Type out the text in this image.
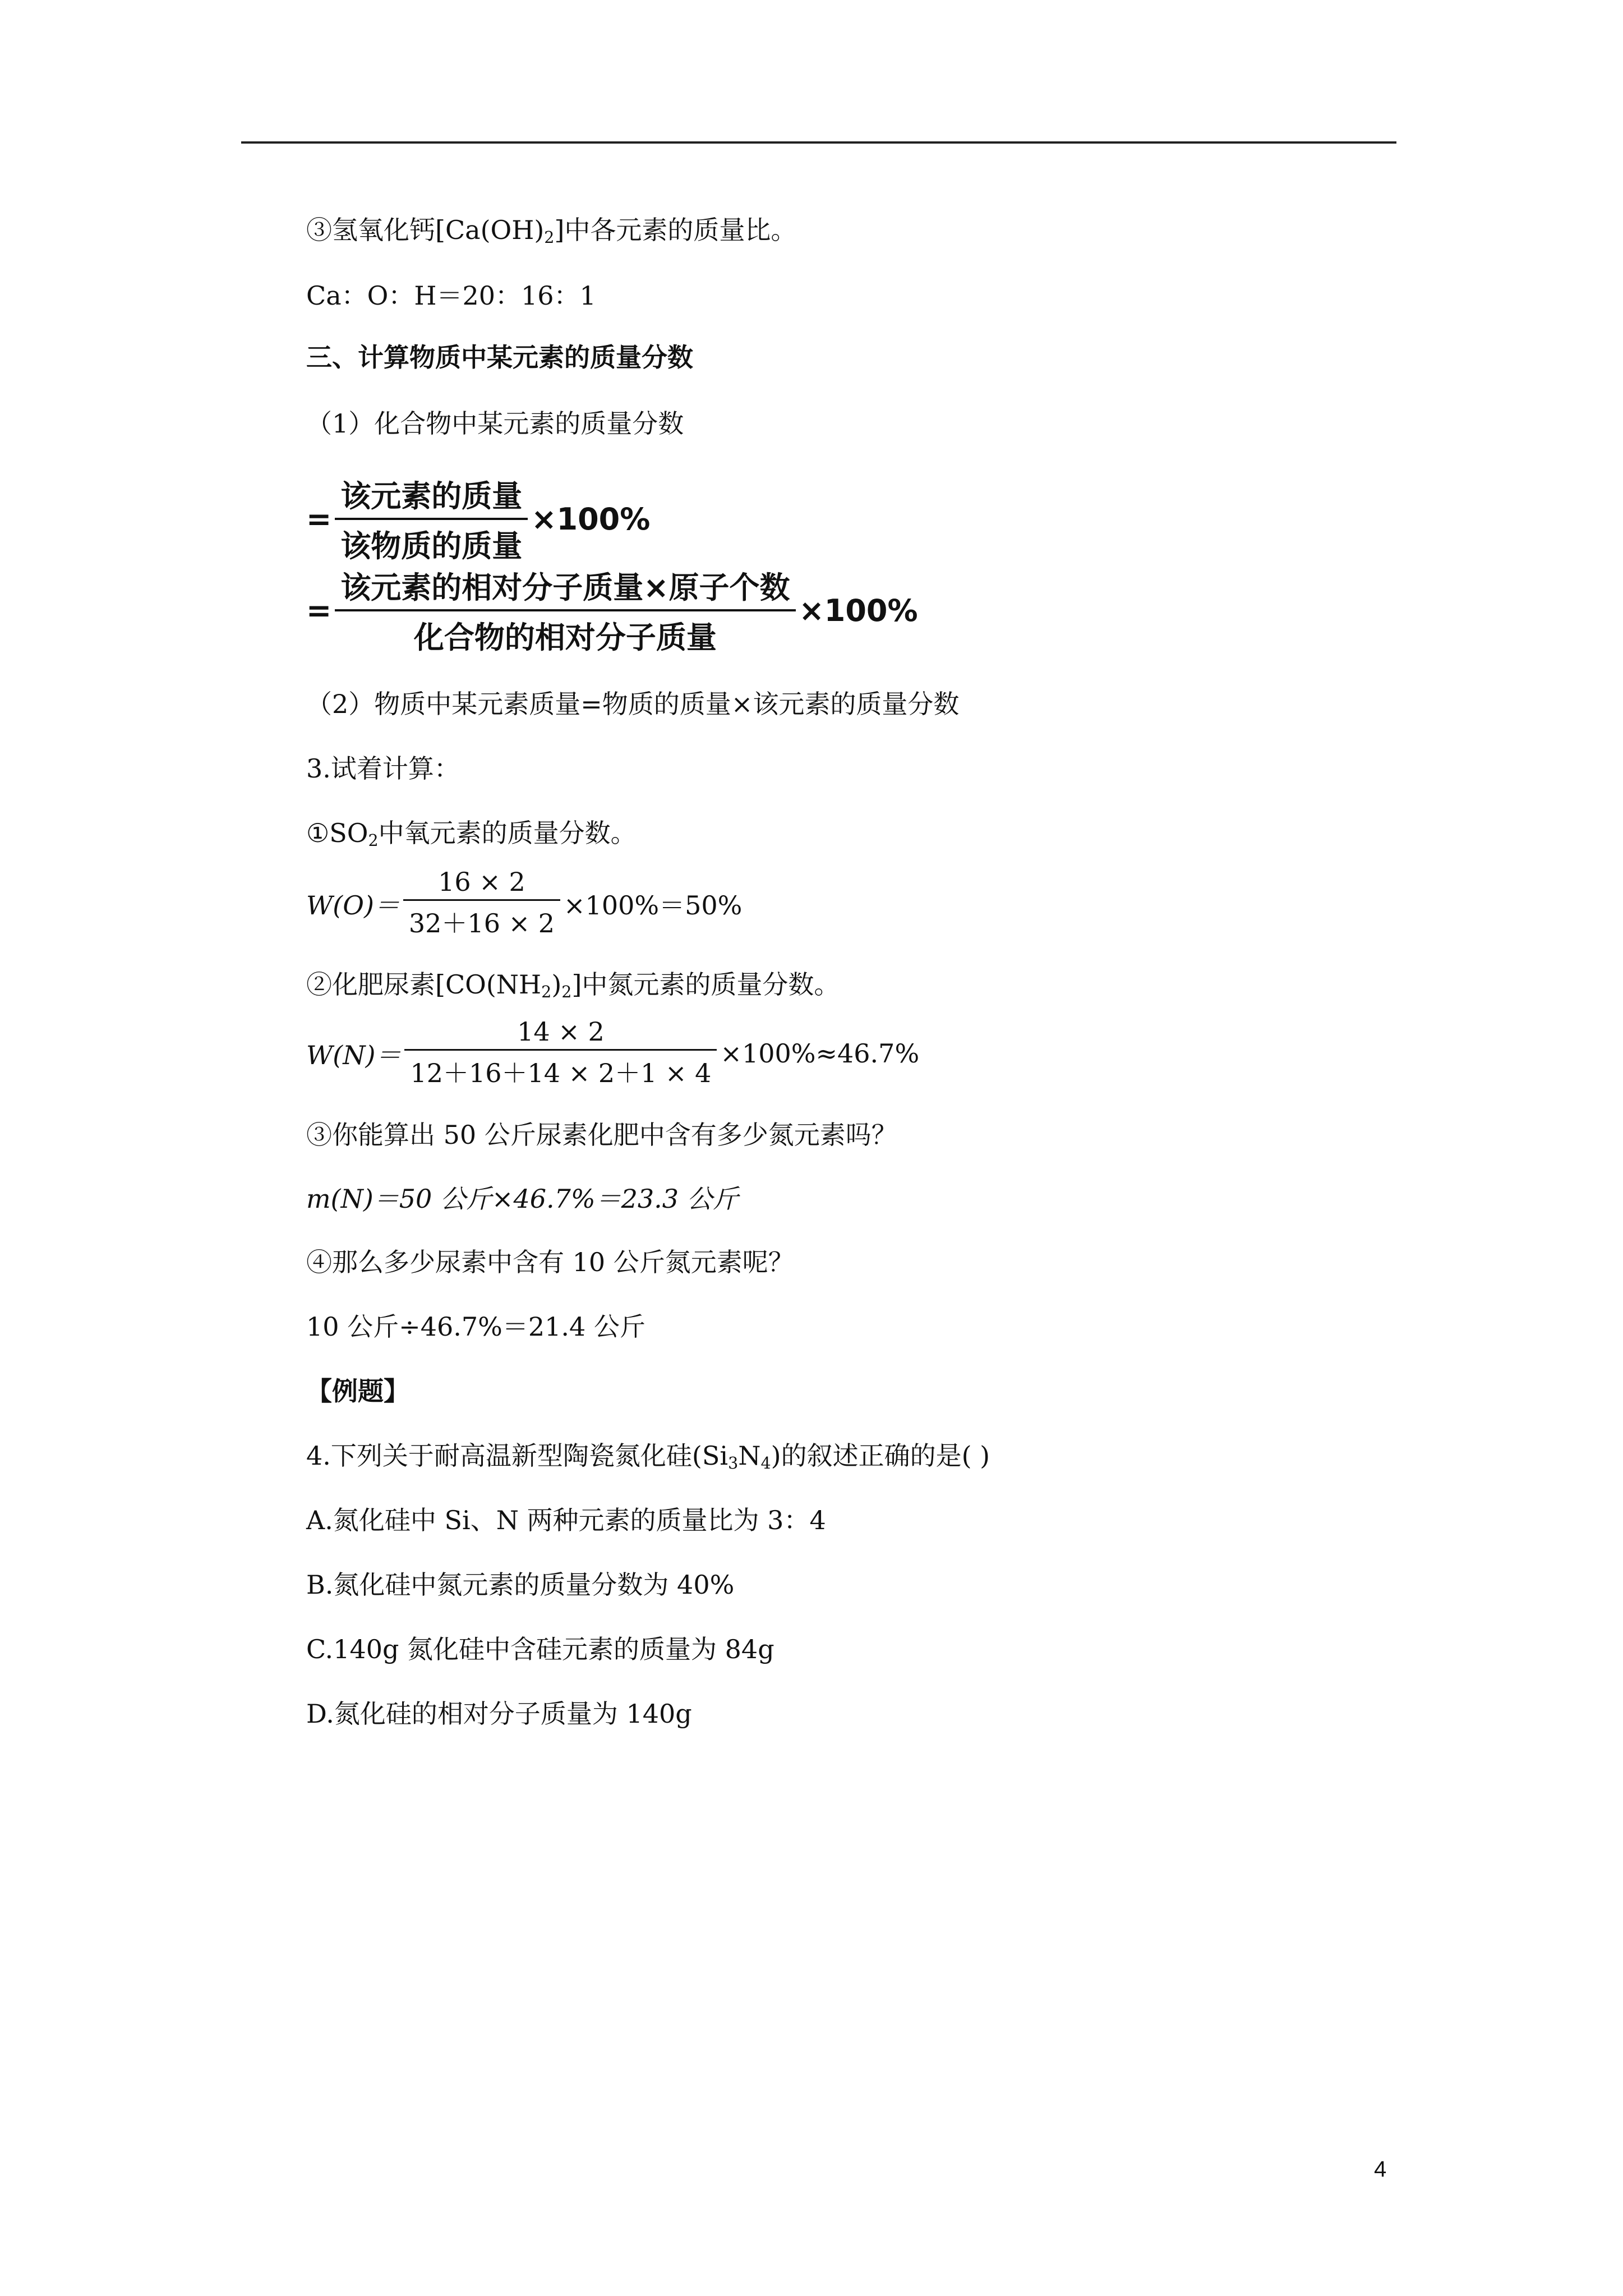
③氢氧化钙$[Ca(OH)_2]$中各元素的质量比。
Ca：O：H＝20：16：1
三、计算物质中某元素的质量分数
（1）化合物中某元素的质量分数
= $\frac{\text{该元素的质量}}{\text{该物质的质量}} \times 100\%$
= $\frac{\text{该元素的相对分子质量×原子个数}}{\text{化合物的相对分子质量}} \times 100\%$
（2）物质中某元素质量=物质的质量×该元素的质量分数
3.试着计算：
$①SO_2$中氧元素的质量分数。
$W(O)= \frac{16 \times 2}{32+16 \times 2} \times 100\%=50\%$
②化肥尿素$[CO(NH_2)_2]$中氮元素的质量分数。
$W(N)= \frac{14 \times 2}{12+16+14 \times 2+1 \times 4} \times 100\%\approx 46.7\%$
③你能算出 50 公斤尿素化肥中含有多少氮元素吗？
m(N)＝50 公斤×46.7%＝23.3 公斤
④那么多少尿素中含有 10 公斤氮元素呢？
10 公斤÷46.7%＝21.4 公斤
【例题】
4.下列关于耐高温新型陶瓷氮化硅$(Si_3N_4)$的叙述正确的是( )
A.氮化硅中 Si、N 两种元素的质量比为 3：4
B.氮化硅中氮元素的质量分数为 40%
C.140g 氮化硅中含硅元素的质量为 84g
D.氮化硅的相对分子质量为 140g
4
